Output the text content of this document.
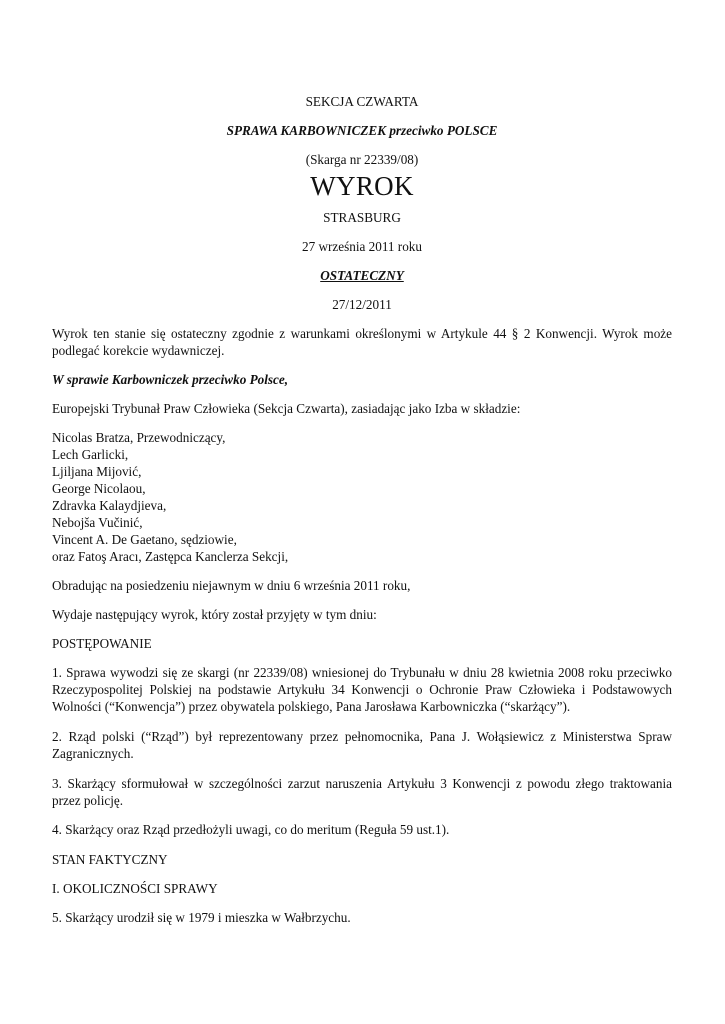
SEKCJA CZWARTA

SPRAWA KARBOWNICZEK przeciwko POLSCE

(Skarga nr 22339/08)

WYROK

STRASBURG

27 września 2011 roku

OSTATECZNY

27/12/2011

Wyrok ten stanie się ostateczny zgodnie z warunkami określonymi w Artykule 44 § 2 Konwencji. Wyrok może podlegać korekcie wydawniczej.

W sprawie Karbowniczek przeciwko Polsce,

Europejski Trybunał Praw Człowieka (Sekcja Czwarta), zasiadając jako Izba w składzie:

Nicolas Bratza, Przewodniczący,
Lech Garlicki,
Ljiljana Mijović,
George Nicolaou,
Zdravka Kalaydjieva,
Nebojša Vučinić,
Vincent A. De Gaetano, sędziowie,
oraz Fatoş Aracı, Zastępca Kanclerza Sekcji,

Obradując na posiedzeniu niejawnym w dniu 6 września 2011 roku,

Wydaje następujący wyrok, który został przyjęty w tym dniu:

POSTĘPOWANIE

1. Sprawa wywodzi się ze skargi (nr 22339/08) wniesionej do Trybunału w dniu 28 kwietnia 2008 roku przeciwko Rzeczypospolitej Polskiej na podstawie Artykułu 34 Konwencji o Ochronie Praw Człowieka i Podstawowych Wolności (“Konwencja”) przez obywatela polskiego, Pana Jarosława Karbowniczka (“skarżący”).

2. Rząd polski (“Rząd”) był reprezentowany przez pełnomocnika, Pana J. Wołąsiewicz z Ministerstwa Spraw Zagranicznych.

3. Skarżący sformułował w szczególności zarzut naruszenia Artykułu 3 Konwencji z powodu złego traktowania przez policję.

4. Skarżący oraz Rząd przedłożyli uwagi, co do meritum (Reguła 59 ust.1).

STAN FAKTYCZNY

I. OKOLICZNOŚCI SPRAWY

5. Skarżący urodził się w 1979 i mieszka w Wałbrzychu.
